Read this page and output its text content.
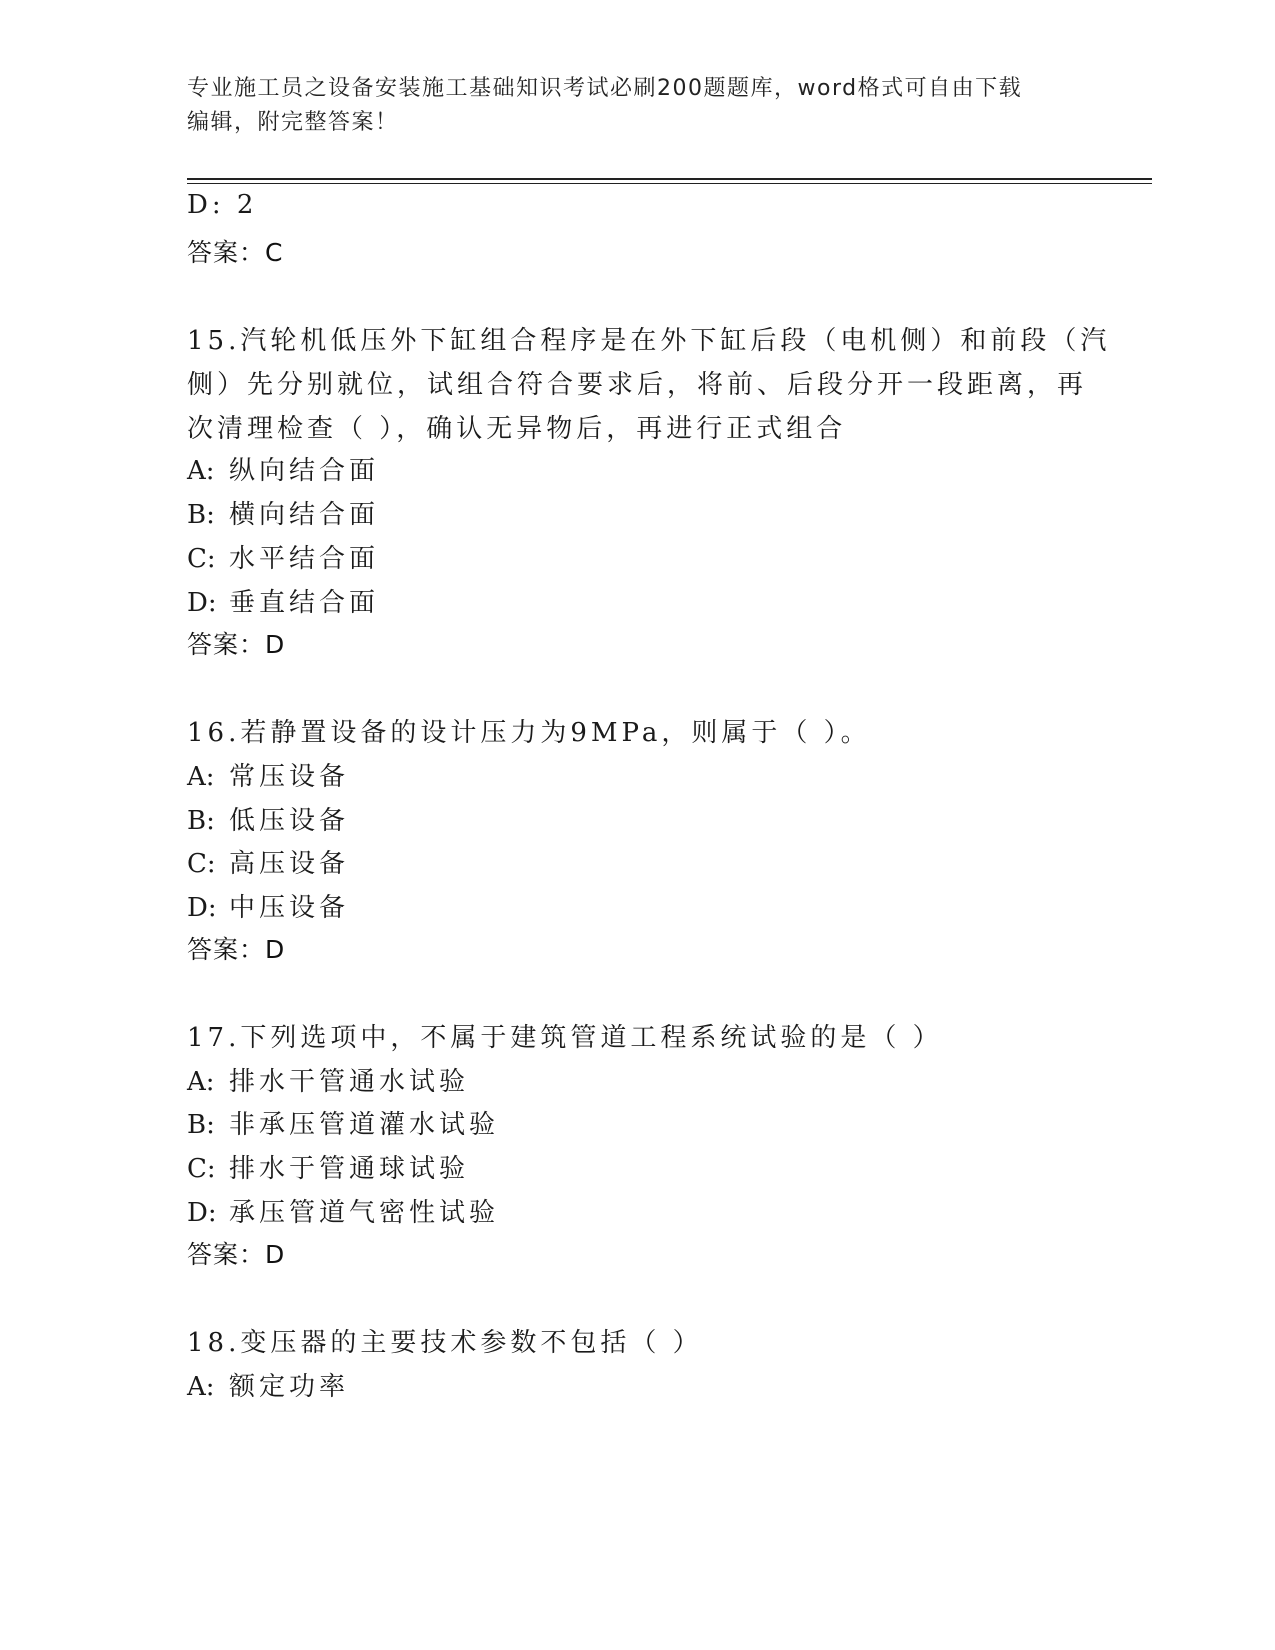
专业施工员之设备安装施工基础知识考试必刷200题题库，word格式可自由下载
编辑，附完整答案！
D: 2
答案：C
15.汽轮机低压外下缸组合程序是在外下缸后段（电机侧）和前段（汽
侧）先分别就位，试组合符合要求后，将前、后段分开一段距离，再
次清理检查（ ），确认无异物后，再进行正式组合
A: 纵向结合面
B: 横向结合面
C: 水平结合面
D: 垂直结合面
答案：D
16.若静置设备的设计压力为9MPa，则属于（ ）。
A: 常压设备
B: 低压设备
C: 高压设备
D: 中压设备
答案：D
17.下列选项中，不属于建筑管道工程系统试验的是（ ）
A: 排水干管通水试验
B: 非承压管道灌水试验
C: 排水于管通球试验
D: 承压管道气密性试验
答案：D
18.变压器的主要技术参数不包括（ ）
A: 额定功率
